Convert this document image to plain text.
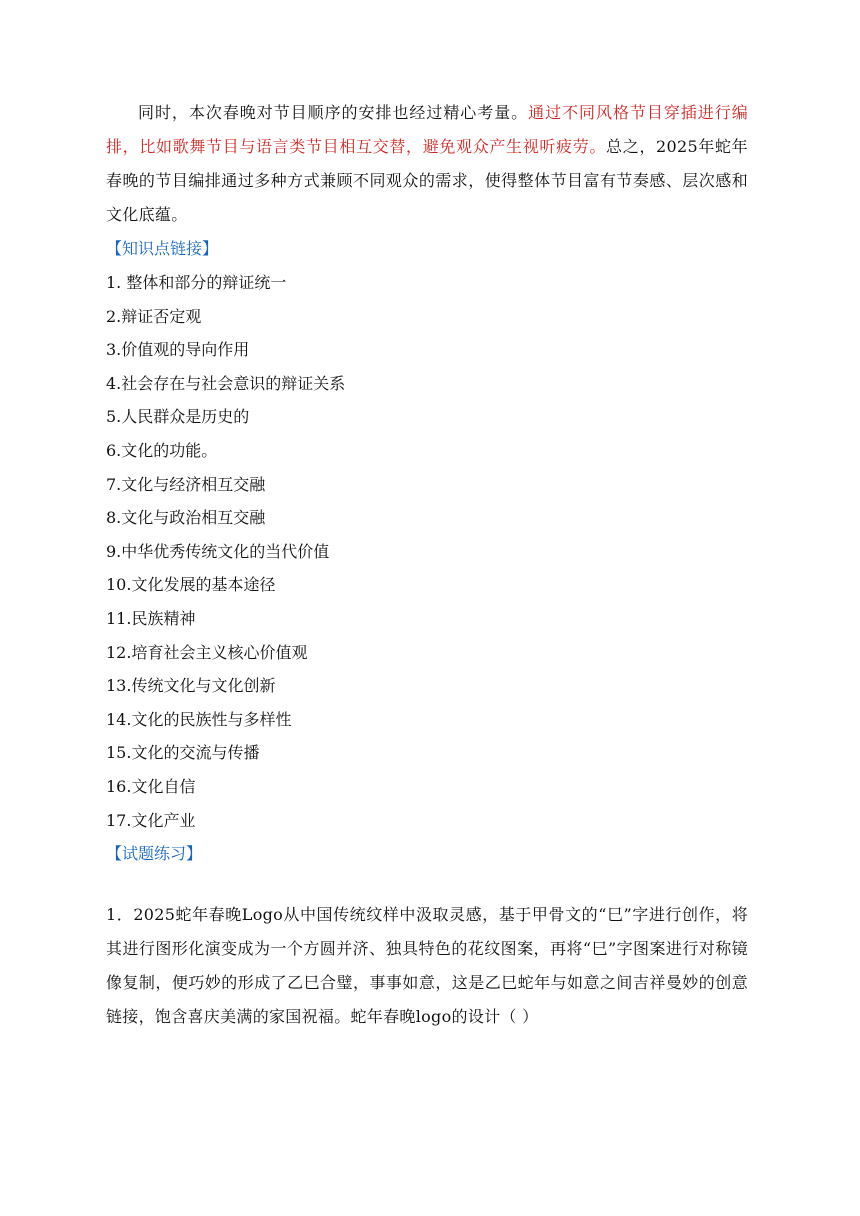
同时，本次春晚对节目顺序的安排也经过精心考量。通过不同风格节目穿插进行编排，比如歌舞节目与语言类节目相互交替，避免观众产生视听疲劳。总之，2025年蛇年春晚的节目编排通过多种方式兼顾不同观众的需求，使得整体节目富有节奏感、层次感和文化底蕴。

【知识点链接】

1. 整体和部分的辩证统一
2.辩证否定观
3.价值观的导向作用
4.社会存在与社会意识的辩证关系
5.人民群众是历史的
6.文化的功能。
7.文化与经济相互交融
8.文化与政治相互交融
9.中华优秀传统文化的当代价值
10.文化发展的基本途径
11.民族精神
12.培育社会主义核心价值观
13.传统文化与文化创新
14.文化的民族性与多样性
15.文化的交流与传播
16.文化自信
17.文化产业

【试题练习】

1．2025蛇年春晚Logo从中国传统纹样中汲取灵感，基于甲骨文的“巳”字进行创作，将其进行图形化演变成为一个方圆并济、独具特色的花纹图案，再将“巳”字图案进行对称镜像复制，便巧妙的形成了乙巳合璧，事事如意，这是乙巳蛇年与如意之间吉祥曼妙的创意链接，饱含喜庆美满的家国祝福。蛇年春晚logo的设计（ ）
